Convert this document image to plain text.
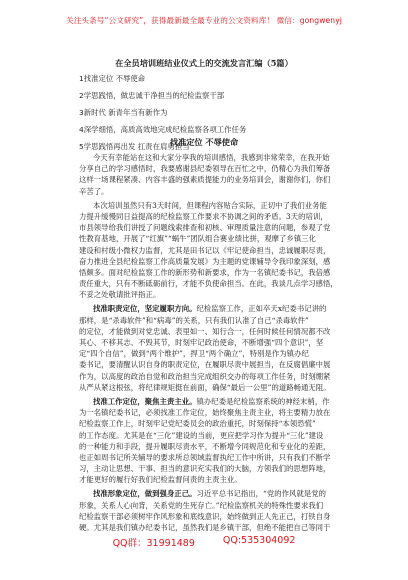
关注头条号“公文研究”，获得最新最全最专业的公文资料库！ 微信：gongwenyj
在全员培训班结业仪式上的交流发言汇编（5篇）
1找准定位 不辱使命
2学思践悟，做忠诚干净担当的纪检监察干部
3新时代 新青年当有新作为
4深学细悟，高质高效地完成纪检监察各项工作任务
5学思践悟再出发 扛责在肩勇担当
找准定位 不辱使命
今天有幸能站在这和大家分享我的培训感悟，我感到非常荣幸，在我开始
分享自己的学习感悟时，我要感谢县纪委领导在百忙之中，仍精心为我们筹备
这样一场课程紧凑、内容丰盛的强素质提能力的业务培训会，谢谢你们，你们
辛苦了。
本次培训虽然只有3天时间，但课程内容贴合实际，正切中了我们业务能
力提升缓慢同日益提高的纪检监察工作要求不协调之间的矛盾。3天的培训，
市县领导给我们讲授了问题线索排查和初核、审理质量注意的问题，参观了党
性教育基地，开展了“红旗”“蜗牛”团队组合赛业绩比拼，观摩了乡镇三化
建设和村级小微权力监督，尤其是田书记以《牢记使命担当，忠诚履职尽责，
奋力推进全县纪检监察工作高质量发展》为主题的党课辅导令我印象深刻，感
悟颇多。面对纪检监察工作的新形势和新要求，作为一名镇纪委书记，我倍感
责任重大，只有不断砥砺前行，才能不负使命担当。在此，我谈几点学习感悟，
不妥之处敬请批评指正。
找准职责定位，坚定履职方向。纪检监察工作，正如卒天x纪委书记讲的
那样，是“杀毒软件”和“病毒”的关系，只有我们认准了自己“杀毒软件”
的定位，才能做到对党忠诚、表里如一、知行合一，任何时候任何情况都不改
其心、不移其志、不毁其节，时刻牢记政治使命，不断增强“四个意识”，坚
定“四个自信”，做到“两个维护”，捍卫“两个确立”，特别是作为镇办纪
委书记，要清醒认识自身的职责定位，在履职尽责中展担当，在反腐倡廉中展
作为，以高度的政治自觉和政治担当完成组织交办的每项工作任务，时刻绷紧
从严从紧这根弦，将纪律规矩挺在前面，确保“最后一公里”的道路畅通无阻。
找准工作定位，聚焦主责主业。镇办纪委是纪检监察系统的神经末梢，作
为一名镇纪委书记，必须找准工作定位，始终聚焦主责主业，将主要精力放在
纪检监察工作上，时刻牢记党纪委员会的政治重托，时刻保持“本领恐慌”
的工作态度。尤其是在“三化”建设的当前，更应把学习作为提升“三化”建设
的一种能力和手段，提升履职尽责水平，不断增今同规范化和专业化的差距，
也正如周书记所关辅导的要求所总领域监督执纪工作中所讲，只有我们不断学
习，主动让思想、干事、担当的意识充实我们的大脑，方领我们的思想阵地，
才能更好的履行好我们纪检监督问责的主责主业。
找准形象定位，做到强身正己。习近平总书记指出，“党的作风就是党的
形象，关系人心向背，关系党的生死存亡。”纪检监察机关的特殊性要求我们
纪检监察干部必须树牢作风形象和底线意识，始终做到正人先正己，打铁自身
硬。尤其是我们镇办纪委书记，虽然我们是乡镇干部，但绝不能把自己等同于
QQ群：31991489	QQ:535304092
